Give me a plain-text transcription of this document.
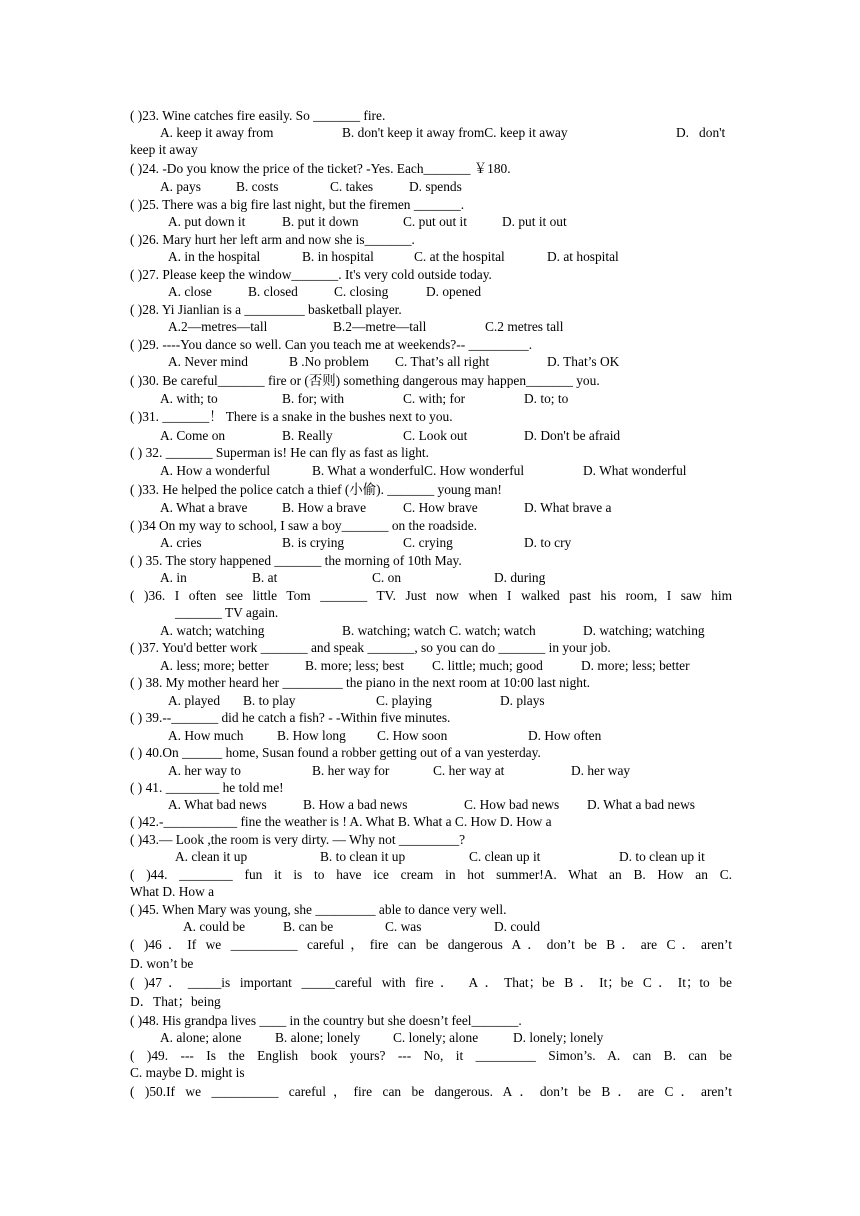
( )23. Wine catches fire easily. So _______ fire.
A. keep it away from	B. don't keep it away fromC. keep it away	D.   don't
keep it away
( )24. -Do you know the price of the ticket? -Yes. Each_______ ￥180.
A. pays	B. costs	C. takes	D. spends
( )25. There was a big fire last night, but the firemen _______.
A. put down it	B. put it down	C. put out it	D. put it out
( )26. Mary hurt her left arm and now she is_______.
A. in the hospital	B. in hospital	C. at the hospital	D. at hospital
( )27. Please keep the window_______. It's very cold outside today.
A. close	B. closed	C. closing	D. opened
( )28. Yi Jianlian is a _________ basketball player.
A.2—metres—tall	B.2—metre—tall	C.2 metres tall
( )29. ----You dance so well. Can you teach me at weekends?-- _________.
A. Never mind	B .No problem C. That’s all right	D. That’s OK
( )30. Be careful_______ fire or (否则) something dangerous may happen_______ you.
A. with; to	B. for; with	C. with; for	D. to; to
( )31. _______！ There is a snake in the bushes next to you.
A. Come on	B. Really	C. Look out	D. Don't be afraid
( ) 32. _______ Superman is! He can fly as fast as light.
A. How a wonderful	B. What a wonderfulC. How wonderful	D. What wonderful
( )33. He helped the police catch a thief (小偷). _______ young man!
A. What a brave	B. How a brave	C. How brave	D. What brave a
( )34 On my way to school, I saw a boy_______ on the roadside.
A. cries	B. is crying	C. crying	D. to cry
( ) 35. The story happened _______ the morning of 10th May.
A. in	B. at	C. on	D. during
( )36. I often see little Tom _______ TV. Just now when I walked past his room, I saw him
_______ TV again.
A. watch; watching	B. watching; watch C. watch; watch	D. watching; watching
( )37. You'd better work _______ and speak _______, so you can do _______ in your job.
A. less; more; better	B. more; less; best C. little; much; good	D. more; less; better
( ) 38. My mother heard her _________ the piano in the next room at 10:00 last night.
A. played B. to play	C. playing	D. plays
( ) 39.--_______ did he catch a fish? - -Within five minutes.
A. How much	B. How long C. How soon	D. How often
( ) 40.On ______ home, Susan found a robber getting out of a van yesterday.
A. her way to	B. her way for	C. her way at	D. her way
( ) 41. ________ he told me!
A. What bad news	B. How a bad news	C. How bad news D. What a bad news
( )42.-___________ fine the weather is ! A. What B. What a C. How D. How a
( )43.— Look ,the room is very dirty. — Why not _________?
A. clean it up	B. to clean it up	C. clean up it	D. to clean up it
( )44. ________ fun it is to have ice cream in hot summer!A. What an B. How an C.
What D. How a
( )45. When Mary was young, she _________ able to dance very well.
A. could be	B. can be	C. was	D. could
( )46．If we __________ careful，fire can be dangerous A．don’t be B．are C．aren’t
D. won’t be
( )47．_____is important _____careful with fire． A．That；be B．It；be C．It；to be
D．That；being
( )48. His grandpa lives ____ in the country but she doesn’t feel_______.
A. alone; alone	B. alone; lonely C. lonely; alone	D. lonely; lonely
( )49. --- Is the English book yours? --- No, it _________ Simon’s. A. can B. can be
C. maybe D. might is
( )50.If we __________ careful，fire can be dangerous. A．don’t be B．are C．aren’t
